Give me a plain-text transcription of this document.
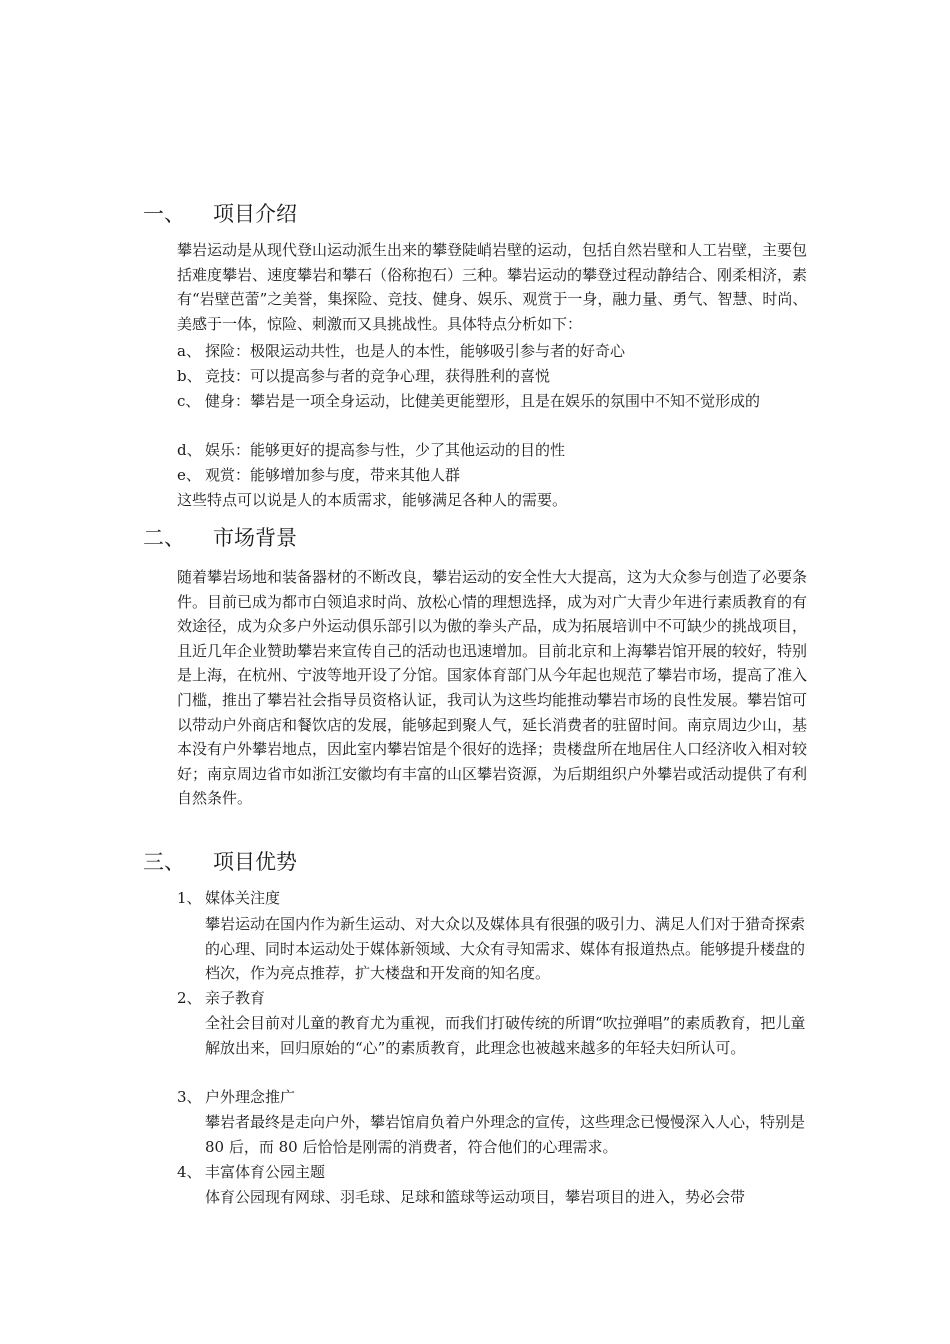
一、 项目介绍

攀岩运动是从现代登山运动派生出来的攀登陡峭岩壁的运动，包括自然岩壁和人工岩壁，主要包括难度攀岩、速度攀岩和攀石（俗称抱石）三种。攀岩运动的攀登过程动静结合、刚柔相济，素有“岩壁芭蕾”之美誉，集探险、竞技、健身、娱乐、观赏于一身，融力量、勇气、智慧、时尚、美感于一体，惊险、刺激而又具挑战性。具体特点分析如下：

a、 探险：极限运动共性，也是人的本性，能够吸引参与者的好奇心
b、 竞技：可以提高参与者的竞争心理，获得胜利的喜悦
c、 健身：攀岩是一项全身运动，比健美更能塑形，且是在娱乐的氛围中不知不觉形成的
d、 娱乐：能够更好的提高参与性，少了其他运动的目的性
e、 观赏：能够增加参与度，带来其他人群

这些特点可以说是人的本质需求，能够满足各种人的需要。

二、 市场背景

随着攀岩场地和装备器材的不断改良，攀岩运动的安全性大大提高，这为大众参与创造了必要条件。目前已成为都市白领追求时尚、放松心情的理想选择，成为对广大青少年进行素质教育的有效途径，成为众多户外运动俱乐部引以为傲的拳头产品，成为拓展培训中不可缺少的挑战项目，且近几年企业赞助攀岩来宣传自己的活动也迅速增加。目前北京和上海攀岩馆开展的较好，特别是上海，在杭州、宁波等地开设了分馆。国家体育部门从今年起也规范了攀岩市场，提高了准入门槛，推出了攀岩社会指导员资格认证，我司认为这些均能推动攀岩市场的良性发展。攀岩馆可以带动户外商店和餐饮店的发展，能够起到聚人气，延长消费者的驻留时间。南京周边少山，基本没有户外攀岩地点，因此室内攀岩馆是个很好的选择；贵楼盘所在地居住人口经济收入相对较好；南京周边省市如浙江安徽均有丰富的山区攀岩资源，为后期组织户外攀岩或活动提供了有利自然条件。

三、 项目优势
1、 媒体关注度

攀岩运动在国内作为新生运动、对大众以及媒体具有很强的吸引力、满足人们对于猎奇探索的心理、同时本运动处于媒体新领域、大众有寻知需求、媒体有报道热点。能够提升楼盘的档次，作为亮点推荐，扩大楼盘和开发商的知名度。

2、 亲子教育

全社会目前对儿童的教育尤为重视，而我们打破传统的所谓“吹拉弹唱”的素质教育，把儿童解放出来，回归原始的“心”的素质教育，此理念也被越来越多的年轻夫妇所认可。

3、 户外理念推广

攀岩者最终是走向户外，攀岩馆肩负着户外理念的宣传，这些理念已慢慢深入人心，特别是 80 后，而 80 后恰恰是刚需的消费者，符合他们的心理需求。

4、 丰富体育公园主题

体育公园现有网球、羽毛球、足球和篮球等运动项目，攀岩项目的进入，势必会带
